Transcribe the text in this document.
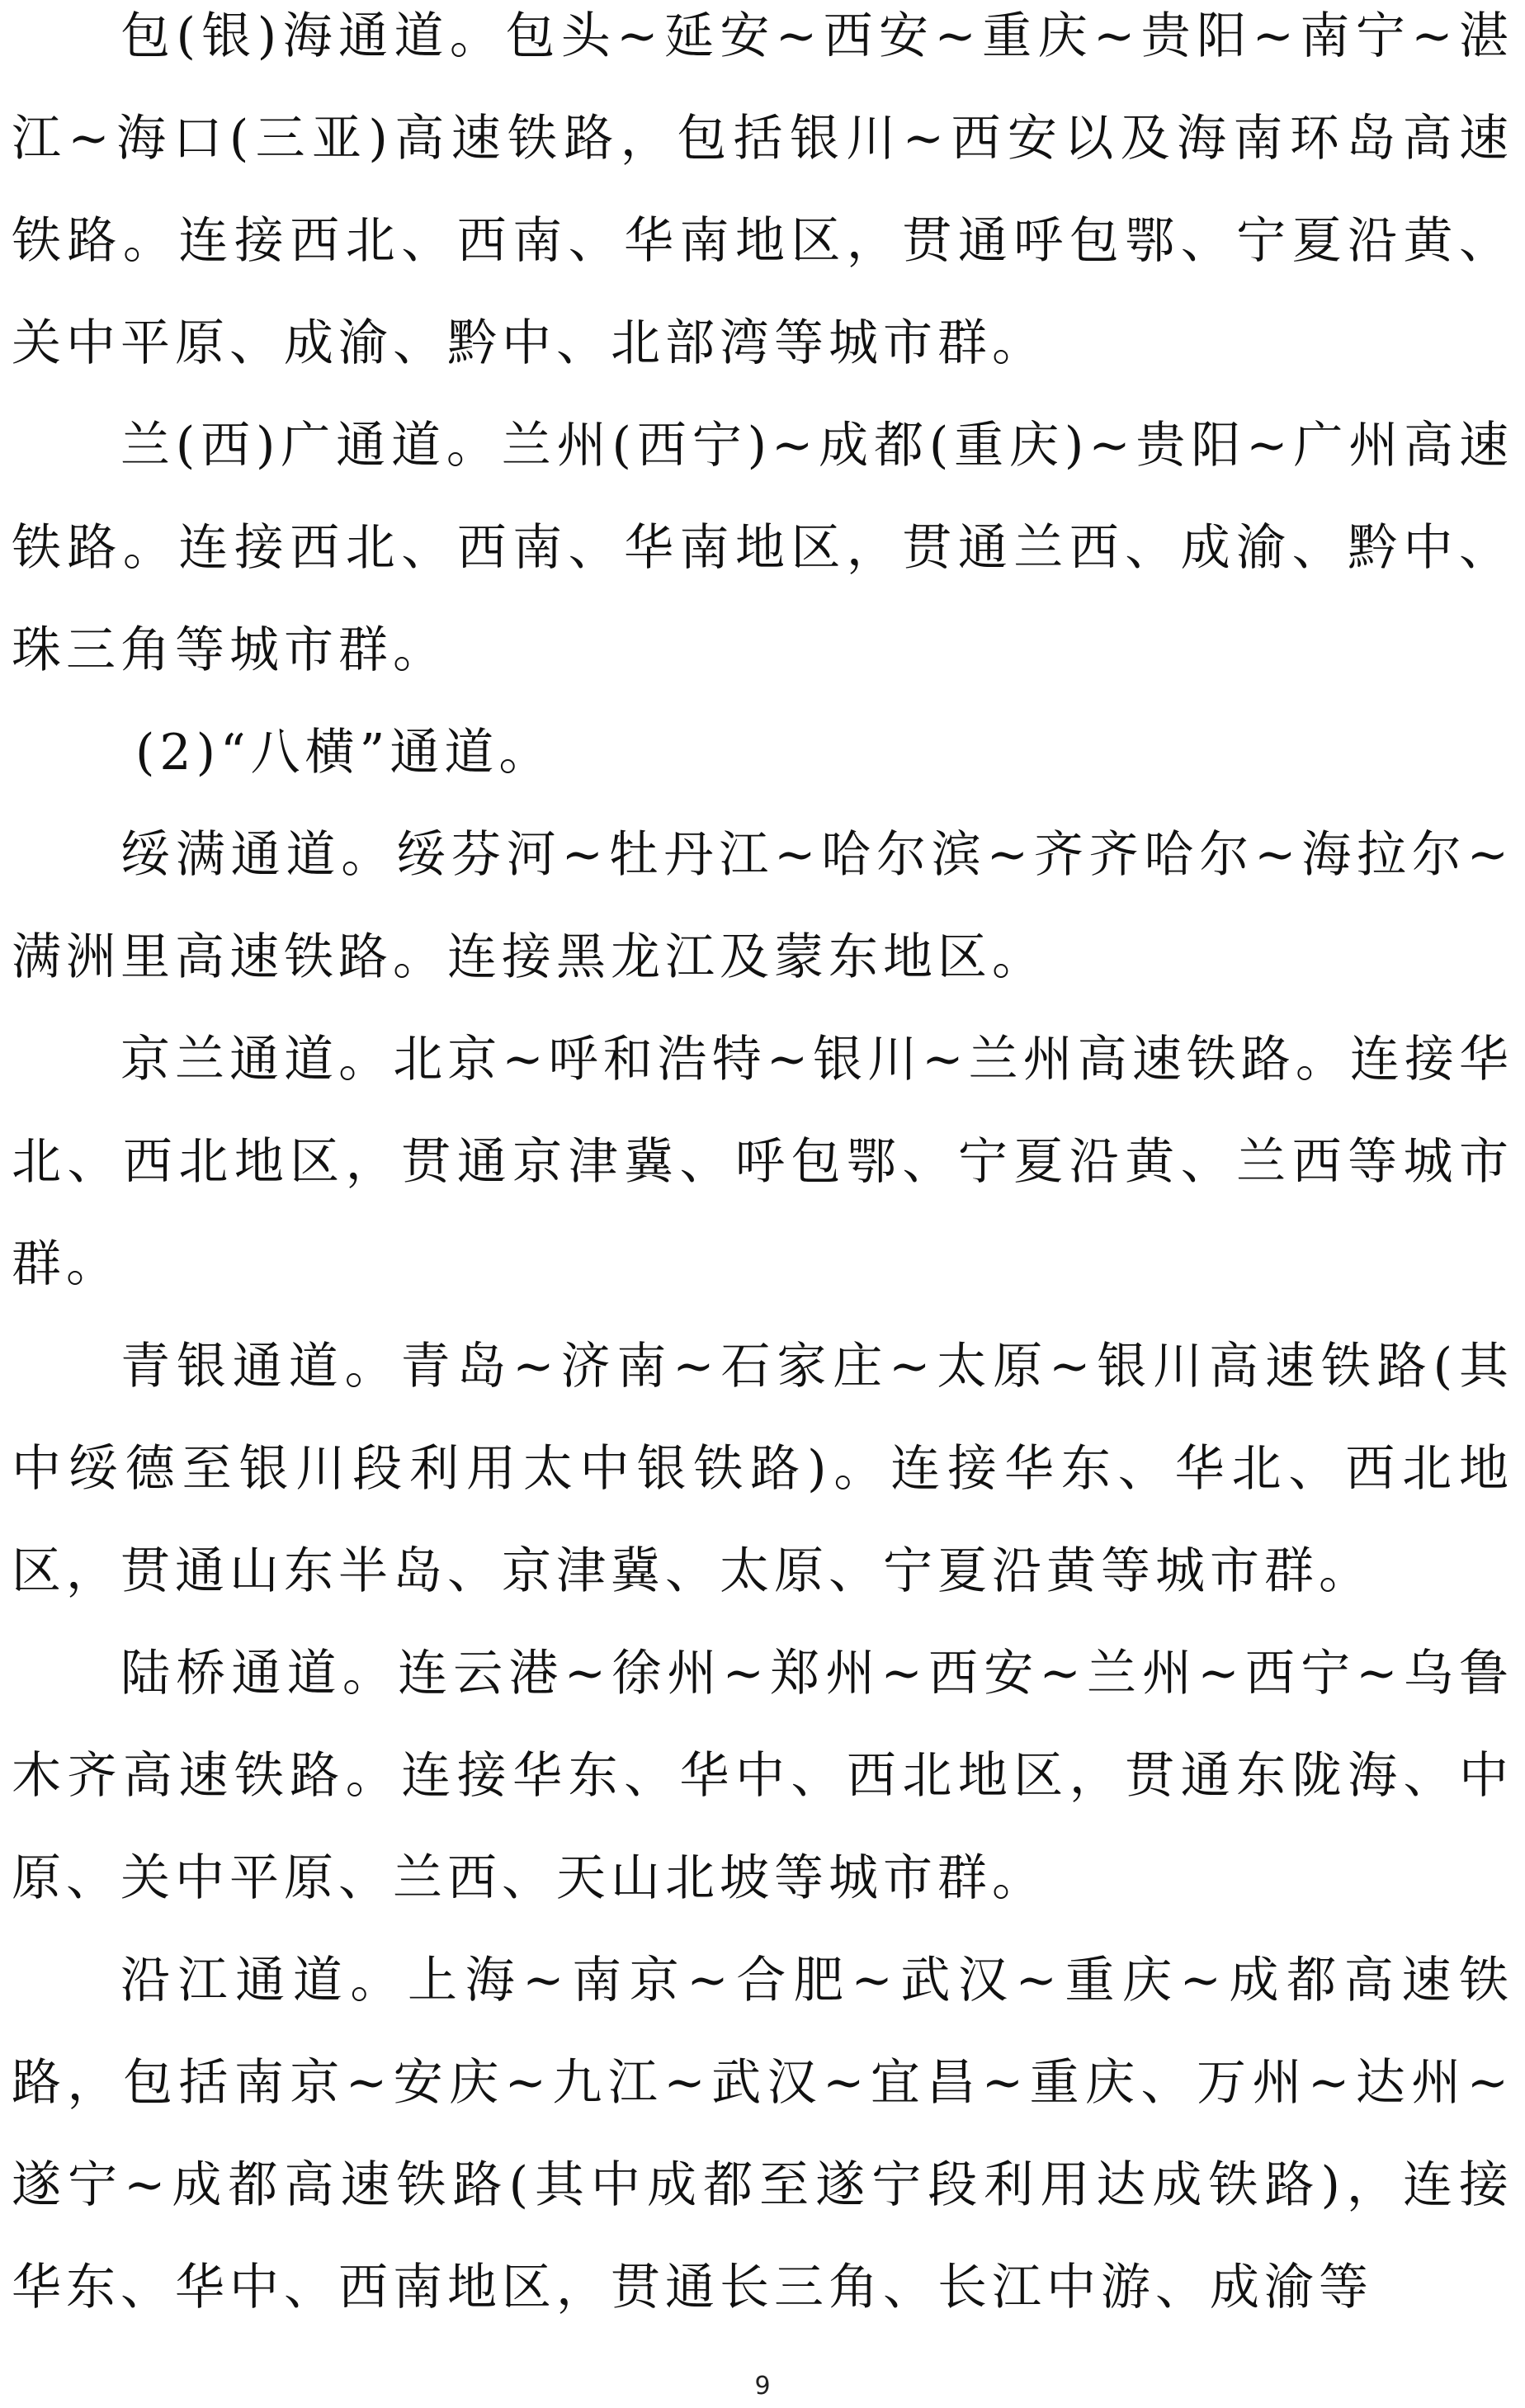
包(银)海通道。包头~延安~西安~重庆~贵阳~南宁~湛江~海口(三亚)高速铁路，包括银川~西安以及海南环岛高速铁路。连接西北、西南、华南地区，贯通呼包鄂、宁夏沿黄、关中平原、成渝、黔中、北部湾等城市群。

兰(西)广通道。兰州(西宁)~成都(重庆)~贵阳~广州高速铁路。连接西北、西南、华南地区，贯通兰西、成渝、黔中、珠三角等城市群。

(2)“八横”通道。

绥满通道。绥芬河~牡丹江~哈尔滨~齐齐哈尔~海拉尔~满洲里高速铁路。连接黑龙江及蒙东地区。

京兰通道。北京~呼和浩特~银川~兰州高速铁路。连接华北、西北地区，贯通京津冀、呼包鄂、宁夏沿黄、兰西等城市群。

青银通道。青岛~济南~石家庄~太原~银川高速铁路(其中绥德至银川段利用太中银铁路)。连接华东、华北、西北地区，贯通山东半岛、京津冀、太原、宁夏沿黄等城市群。

陆桥通道。连云港~徐州~郑州~西安~兰州~西宁~乌鲁木齐高速铁路。连接华东、华中、西北地区，贯通东陇海、中原、关中平原、兰西、天山北坡等城市群。

沿江通道。上海~南京~合肥~武汉~重庆~成都高速铁路，包括南京~安庆~九江~武汉~宜昌~重庆、万州~达州~遂宁~成都高速铁路(其中成都至遂宁段利用达成铁路)，连接华东、华中、西南地区，贯通长三角、长江中游、成渝等

9
